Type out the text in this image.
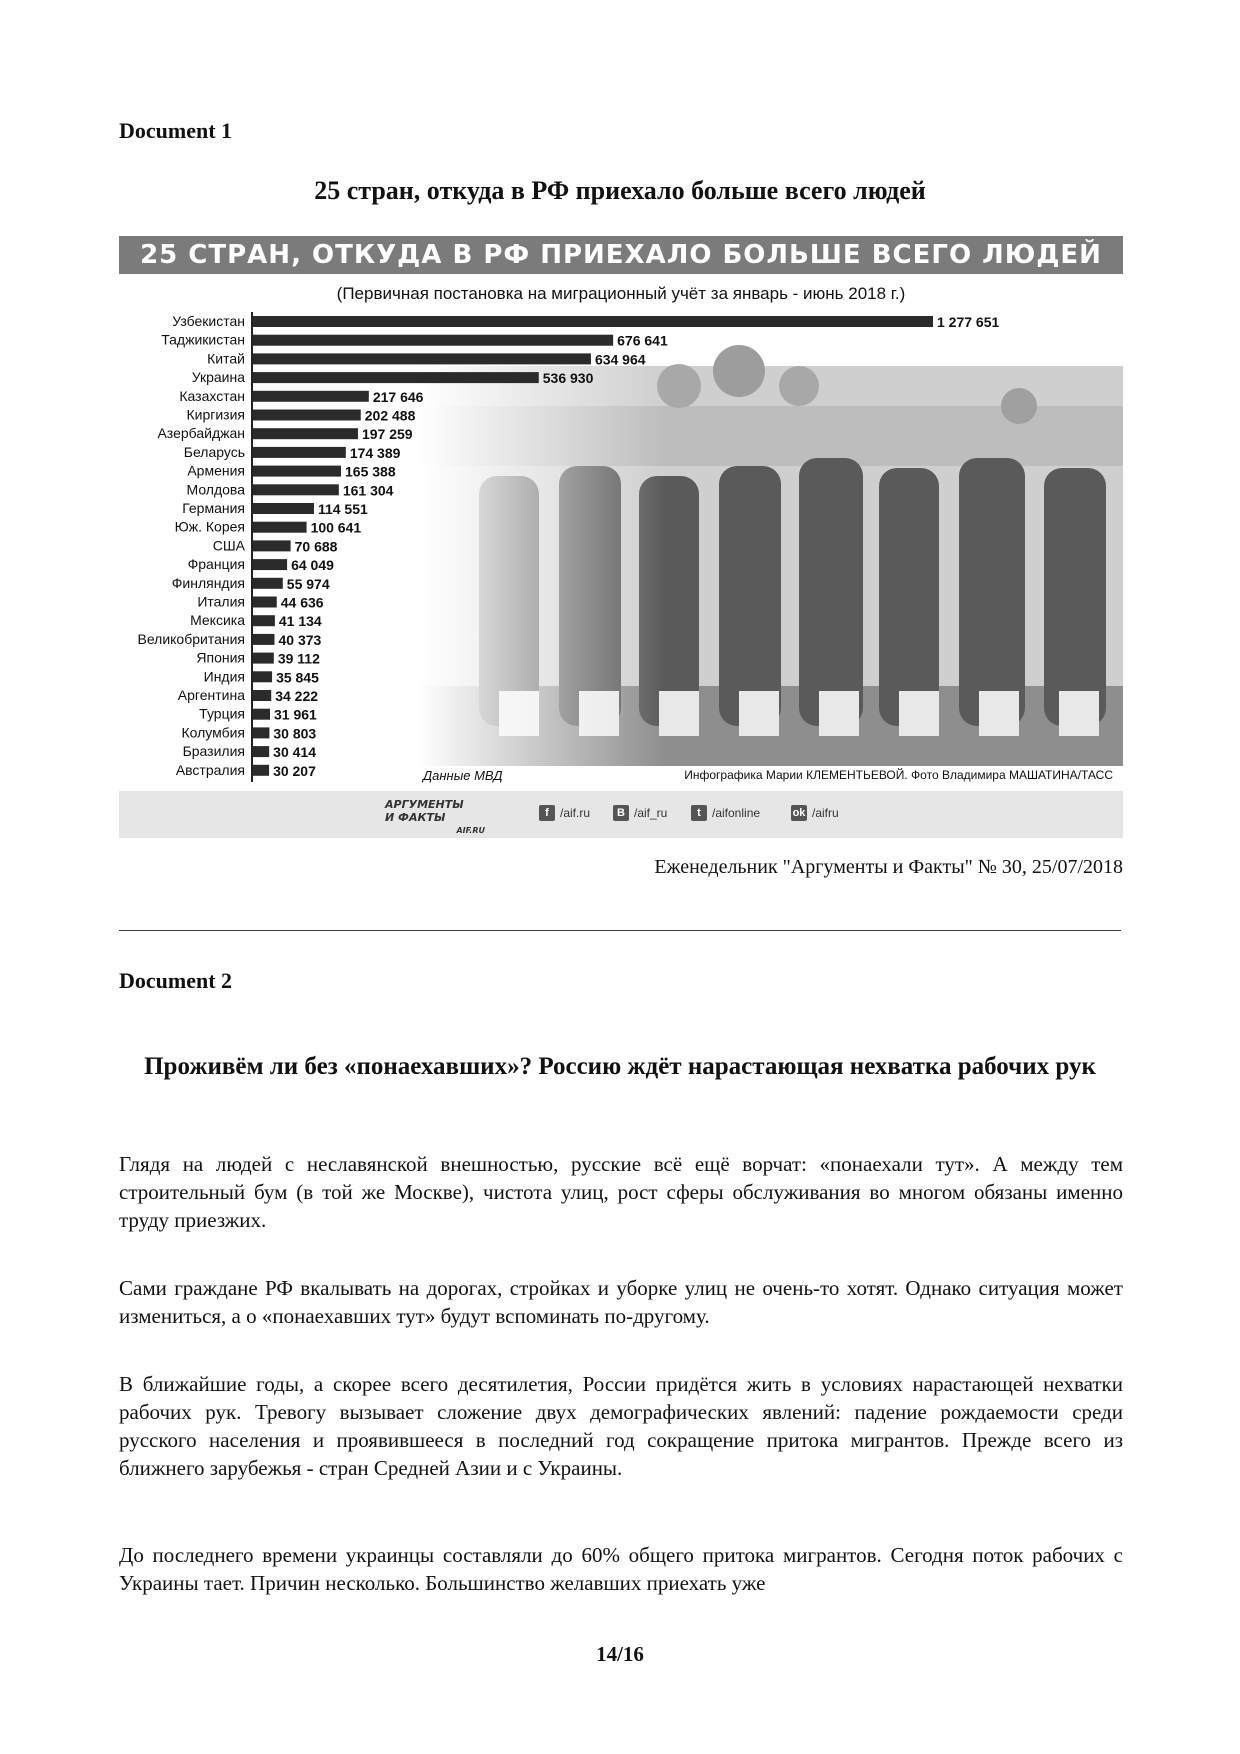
Document 1
25 стран, откуда в РФ приехало больше всего людей
Узбекистан	1 277 651
Таджикистан	676 641
Китай	634 964
Украина	536 930
Казахстан	217 646
Киргизия	202 488
Азербайджан	197 259
Беларусь	174 389
Армения	165 388
Молдова	161 304
Германия	114 551
Юж. Корея	100 641
США	70 688
Франция	64 049
Финляндия	55 974
Италия	44 636
Мексика 41 134
Великобритания 40 373
Япония 39 112
Индия 35 845
Аргентина 34 222
Турция 31 961
Колумбия 30 803
Бразилия 30 414
Австралия 30 207
25 СТРАН, ОТКУДА В РФ ПРИЕХАЛО БОЛЬШЕ ВСЕГО ЛЮДЕЙ
(Первичная постановка на миграционный учёт за январь - июнь 2018 г.)
Данные МВД	Инфографика Марии КЛЕМЕНТЬЕВОЙ. Фото Владимира МАШАТИНА/ТАСС
АРГУМЕНТЫ
И ФАКТЫ
AIF.RU
f /aif.ru	B /aif_ru	t /aifonline	ok /aifru
Еженедельник "Аргументы и Факты" № 30, 25/07/2018
Document 2
Проживём ли без «понаехавших»? Россию ждёт нарастающая нехватка рабочих рук
Глядя на людей с неславянской внешностью, русские всё ещё ворчат: «понаехали тут». А между тем строительный бум (в той же Москве), чистота улиц, рост сферы обслуживания во многом обязаны именно труду приезжих.
Сами граждане РФ вкалывать на дорогах, стройках и уборке улиц не очень-то хотят. Однако ситуация может измениться, а о «понаехавших тут» будут вспоминать по-другому.
В ближайшие годы, а скорее всего десятилетия, России придётся жить в условиях нарастающей нехватки рабочих рук. Тревогу вызывает сложение двух демографических явлений: падение рождаемости среди русского населения и проявившееся в последний год сокращение притока мигрантов. Прежде всего из ближнего зарубежья - стран Средней Азии и с Украины.
До последнего времени украинцы составляли до 60% общего притока мигрантов. Сегодня поток рабочих с Украины тает. Причин несколько. Большинство желавших приехать уже
14/16
